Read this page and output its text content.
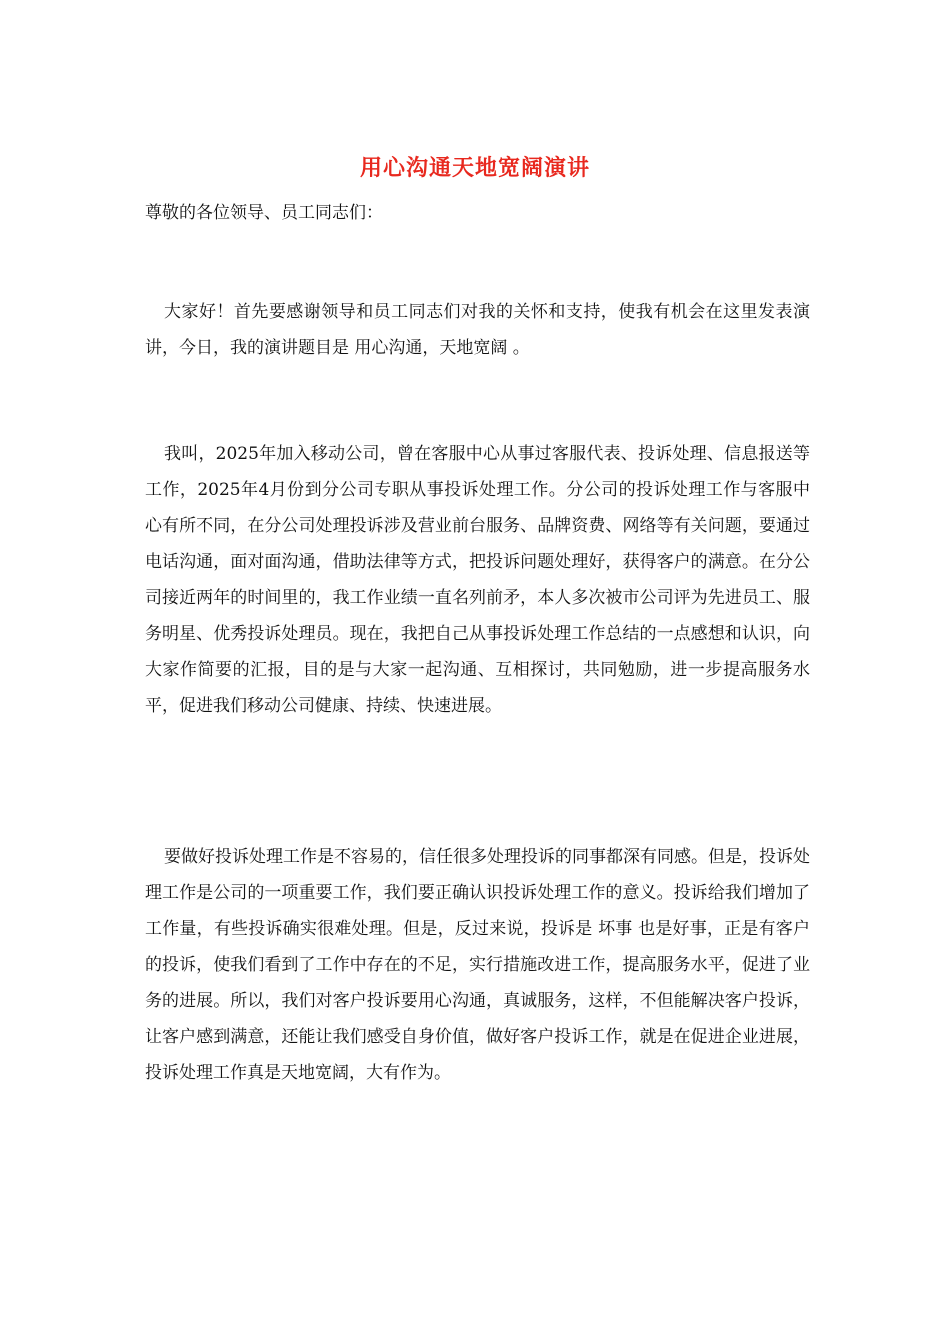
用心沟通天地宽阔演讲
尊敬的各位领导、员工同志们：

大家好！首先要感谢领导和员工同志们对我的关怀和支持，使我有机会在这里发表演讲，今日，我的演讲题目是 用心沟通，天地宽阔 。

我叫，2025年加入移动公司，曾在客服中心从事过客服代表、投诉处理、信息报送等工作，2025年4月份到分公司专职从事投诉处理工作。分公司的投诉处理工作与客服中心有所不同，在分公司处理投诉涉及营业前台服务、品牌资费、网络等有关问题，要通过电话沟通，面对面沟通，借助法律等方式，把投诉问题处理好，获得客户的满意。在分公司接近两年的时间里的，我工作业绩一直名列前矛，本人多次被市公司评为先进员工、服务明星、优秀投诉处理员。现在，我把自己从事投诉处理工作总结的一点感想和认识，向大家作简要的汇报，目的是与大家一起沟通、互相探讨，共同勉励，进一步提高服务水平，促进我们移动公司健康、持续、快速进展。

要做好投诉处理工作是不容易的，信任很多处理投诉的同事都深有同感。但是，投诉处理工作是公司的一项重要工作，我们要正确认识投诉处理工作的意义。投诉给我们增加了工作量，有些投诉确实很难处理。但是，反过来说，投诉是 坏事 也是好事，正是有客户的投诉，使我们看到了工作中存在的不足，实行措施改进工作，提高服务水平，促进了业务的进展。所以，我们对客户投诉要用心沟通，真诚服务，这样，不但能解决客户投诉，让客户感到满意，还能让我们感受自身价值，做好客户投诉工作，就是在促进企业进展，投诉处理工作真是天地宽阔，大有作为。
